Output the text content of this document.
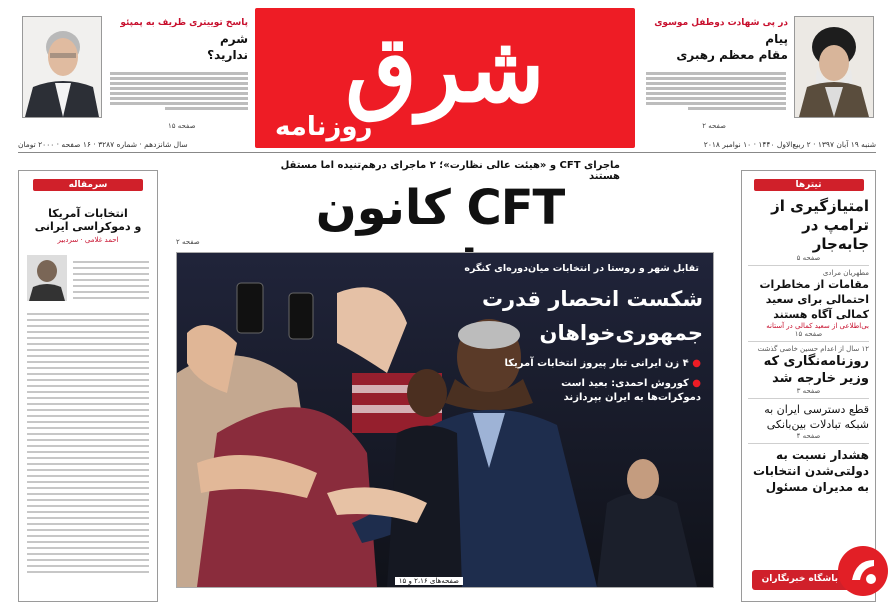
شرق
روزنامه
در پی شهادت دوطفل موسوی
پیام
مقام معظم رهبری
صفحه ۲
پاسخ توییتری ظریف به پمپئو
شرم
ندارید؟
صفحه ۱۵
سال شانزدهم · شماره ۳۲۸۷ · ۱۶ صفحه · ۲۰۰۰ تومان	شنبه ۱۹ آبان ۱۳۹۷ · ۲ ربیع‌الاول ۱۴۴۰ · ۱۰ نوامبر ۲۰۱۸
ماجرای CFT و «هیئت عالی نظارت»؛ ۲ ماجرای درهم‌تنیده اما مستقل هستند
CFT کانون
صفحه ۲
تقابل شهر و روستا در انتخابات میان‌دوره‌ای کنگره
شکست انحصار قدرت
جمهوری‌خواهان
● ۴ زن ایرانی تبار پیروز انتخابات آمریکا
● کوروش احمدی: بعید است
دموکرات‌ها به ایران بپردازند
صفحه‌های ۲،۱۶ و ۱۵
سرمقاله
انتخابات آمریکا
و دموکراسی ایرانی
احمد غلامی · سردبیر
تیترها
امتیازگیری از ترامپ در جابه‌جار
صفحه ۵
مطهریان مرادی
مقامات از مخاطرات احتمالی برای سعید کمالی آگاه هستند
بی‌اطلاعی از سعید کمالی در آستانه
صفحه ۱۵
۱۲ سال از اعدام حسین خاصی گذشت
روزنامه‌نگاری که وزیر خارجه شد
صفحه ۳
قطع دسترسی ایران به شبکه تبادلات بین‌بانکی
صفحه ۴
هشدار نسبت به دولتی‌شدن انتخابات به مدیران مسئول
باشگاه خبرنگاران
